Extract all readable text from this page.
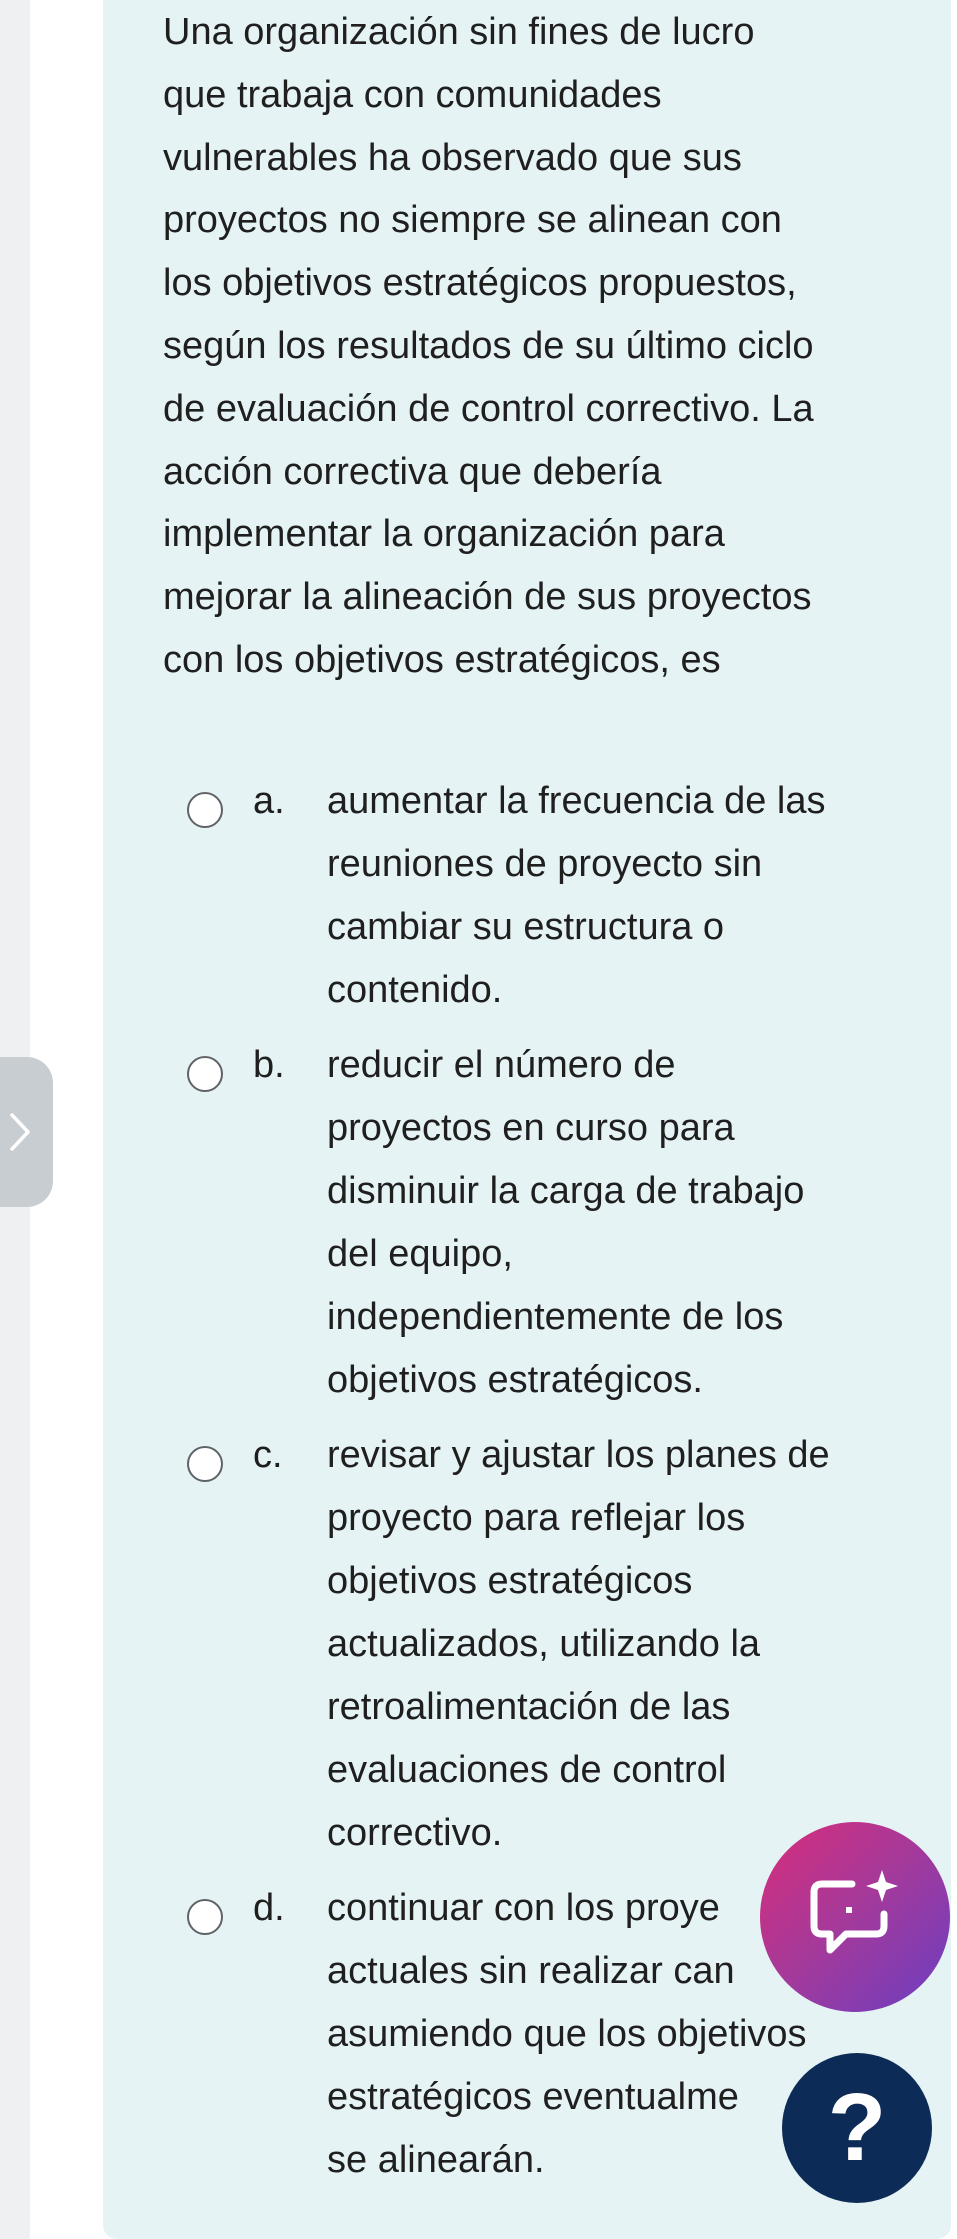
Una organización sin fines de lucro
que trabaja con comunidades
vulnerables ha observado que sus
proyectos no siempre se alinean con
los objetivos estratégicos propuestos,
según los resultados de su último ciclo
de evaluación de control correctivo. La
acción correctiva que debería
implementar la organización para
mejorar la alineación de sus proyectos
con los objetivos estratégicos, es
a. aumentar la frecuencia de las
reuniones de proyecto sin
cambiar su estructura o
contenido.
b. reducir el número de
proyectos en curso para
disminuir la carga de trabajo
del equipo,
independientemente de los
objetivos estratégicos.
c. revisar y ajustar los planes de
proyecto para reflejar los
objetivos estratégicos
actualizados, utilizando la
retroalimentación de las
evaluaciones de control
correctivo.
d. continuar con los proye
actuales sin realizar can
asumiendo que los objetivos
estratégicos eventualme
se alinearán.	?
